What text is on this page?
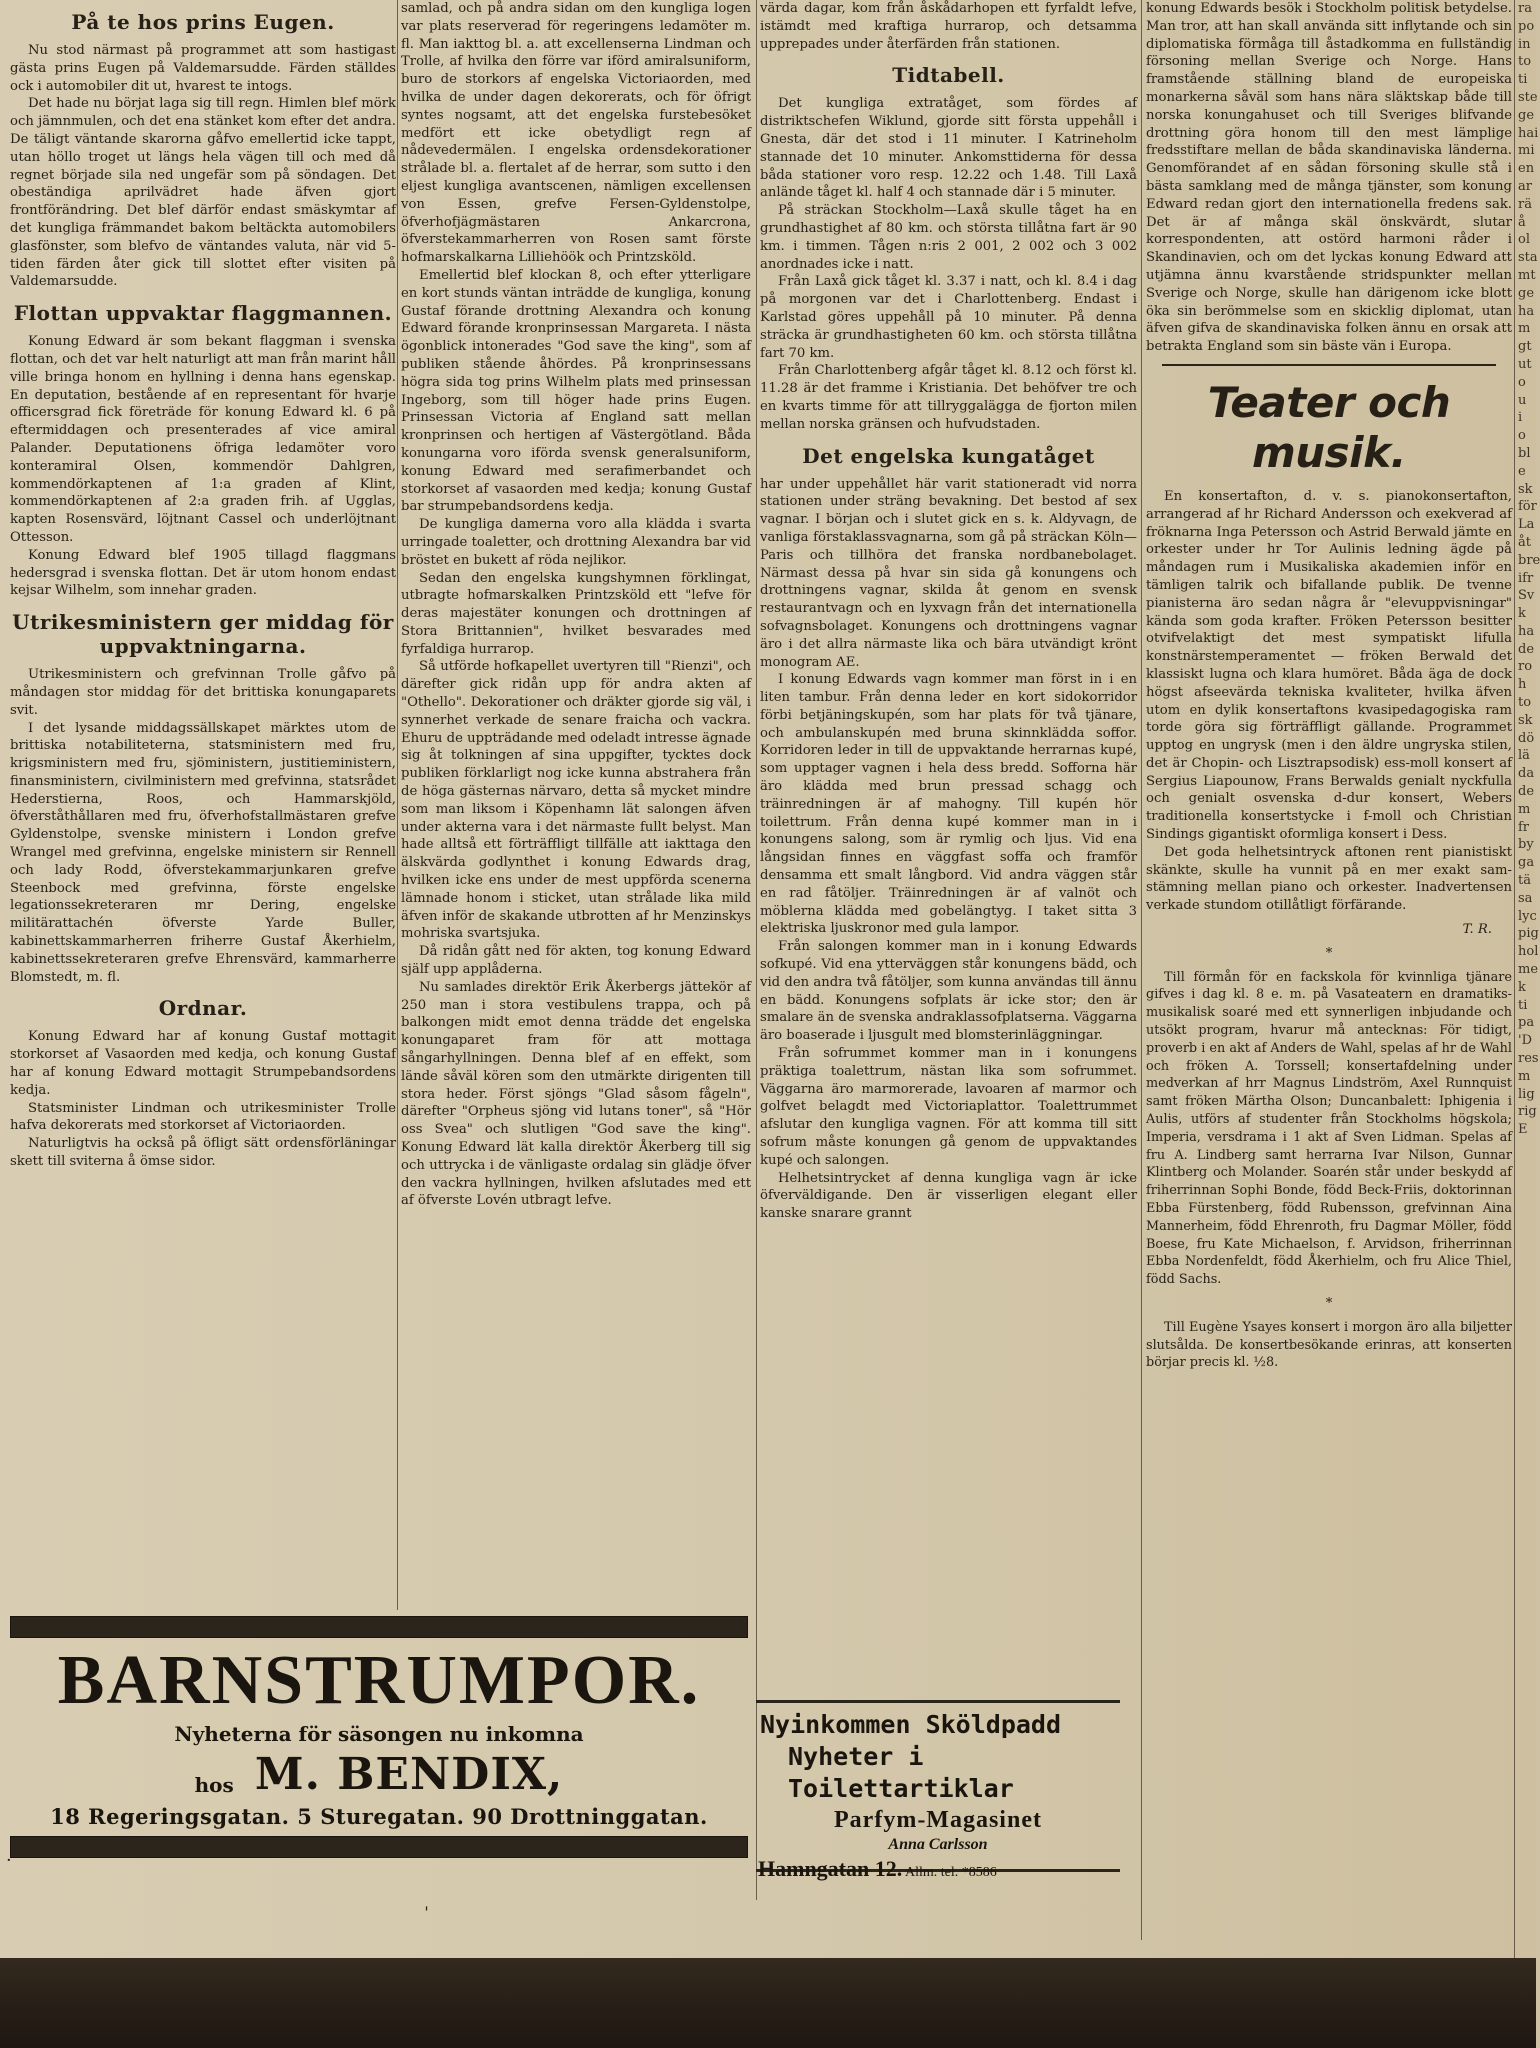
På te hos prins Eugen.

Nu stod närmast på programmet att som hastigast gästa prins Eugen på Valdemarsudde. Färden ställdes ock i automobiler dit ut, hvarest te intogs.

Det hade nu börjat laga sig till regn. Himlen blef mörk och jämnmulen, och det ena stänket kom efter det andra. De täligt väntande skarorna gåfvo emellertid icke tappt, utan höllo troget ut längs hela vägen till och med då regnet började sila ned ungefär som på söndagen. Det obeständiga aprilvädret hade äfven gjort frontförändring. Det blef därför endast smäskymtar af det kungliga främmandet bakom beltäckta automobilers glasfönster, som blefvo de väntandes valuta, när vid 5-tiden färden åter gick till slottet efter visiten på Valdemarsudde.

Flottan uppvaktar flaggmannen.

Konung Edward är som bekant flaggman i svenska flottan, och det var helt naturligt att man från marint håll ville bringa honom en hyllning i denna hans egenskap. En deputation, bestående af en representant för hvarje officersgrad fick företräde för konung Edward kl. 6 på eftermiddagen och presenterades af vice amiral Palander. Deputationens öfriga ledamöter voro konteramiral Olsen, kommendör Dahlgren, kommendörkaptenen af 1:a graden af Klint, kommendörkaptenen af 2:a graden frih. af Ugglas, kapten Rosensvärd, löjtnant Cassel och underlöjtnant Ottesson.

Konung Edward blef 1905 tillagd flaggmans hedersgrad i svenska flottan. Det är utom honom endast kejsar Wilhelm, som innehar graden.

Utrikesministern ger middag för uppvaktningarna.

Utrikesministern och grefvinnan Trolle gåfvo på måndagen stor middag för det brittiska konungaparets svit.

I det lysande middagssällskapet märktes utom de brittiska notabiliteterna, statsministern med fru, krigsministern med fru, sjöministern, justitieministern, finansministern, civilministern med grefvinna, statsrådet Hederstierna, Roos, och Hammarskjöld, öfverståthållaren med fru, öfverhofstallmästaren grefve Gyldenstolpe, svenske ministern i London grefve Wrangel med grefvinna, engelske ministern sir Rennell och lady Rodd, öfverstekammarjunkaren grefve Steenbock med grefvinna, förste engelske legationssekreteraren mr Dering, engelske militärattachén öfverste Yarde Buller, kabinettskammarherren friherre Gustaf Åkerhielm, kabinettssekreteraren grefve Ehrensvärd, kammarherre Blomstedt, m. fl.

Ordnar.

Konung Edward har af konung Gustaf mottagit storkorset af Vasaorden med kedja, och konung Gustaf har af konung Edward mottagit Strumpebandsordens kedja.

Statsminister Lindman och utrikesminister Trolle hafva dekorerats med storkorset af Victoriaorden.

Naturligtvis ha också på öfligt sätt ordensförläningar skett till sviterna å ömse sidor.

samlad, och på andra sidan om den kungliga logen var plats reserverad för regeringens ledamöter m. fl. Man iakttog bl. a. att excellenserna Lindman och Trolle, af hvilka den förre var iförd amiralsuniform, buro de storkors af engelska Victoriaorden, med hvilka de under dagen dekorerats, och för öfrigt syntes nogsamt, att det engelska furstebesöket medfört ett icke obetydligt regn af nådevedermälen. I engelska ordensdekorationer strålade bl. a. flertalet af de herrar, som sutto i den eljest kungliga avantscenen, nämligen excellensen von Essen, grefve Fersen-Gyldenstolpe, öfverhofjägmästaren Ankarcrona, öfverstekammarherren von Rosen samt förste hofmarskalkarna Lilliehöök och Printzsköld.

Emellertid blef klockan 8, och efter ytterligare en kort stunds väntan inträdde de kungliga, konung Gustaf förande drottning Alexandra och konung Edward förande kronprinsessan Margareta. I nästa ögonblick intonerades "God save the king", som af publiken stående åhördes. På kronprinsessans högra sida tog prins Wilhelm plats med prinsessan Ingeborg, som till höger hade prins Eugen. Prinsessan Victoria af England satt mellan kronprinsen och hertigen af Västergötland. Båda konungarna voro iförda svensk generalsuniform, konung Edward med serafimerbandet och storkorset af vasaorden med kedja; konung Gustaf bar strumpebandsordens kedja.

De kungliga damerna voro alla klädda i svarta urringade toaletter, och drottning Alexandra bar vid bröstet en bukett af röda nejlikor.

Sedan den engelska kungshymnen förklingat, utbragte hofmarskalken Printzsköld ett "lefve för deras majestäter konungen och drottningen af Stora Brittannien", hvilket besvarades med fyrfaldiga hurrarop.

Så utförde hofkapellet uvertyren till "Rienzi", och därefter gick ridån upp för andra akten af "Othello". Dekorationer och dräkter gjorde sig väl, i synnerhet verkade de senare fraicha och vackra. Ehuru de uppträdande med odeladt intresse ägnade sig åt tolkningen af sina uppgifter, tycktes dock publiken förklarligt nog icke kunna abstrahera från de höga gästernas närvaro, detta så mycket mindre som man liksom i Köpenhamn lät salongen äfven under akterna vara i det närmaste fullt belyst. Man hade alltså ett förträffligt tillfälle att iakttaga den älskvärda godlynthet i konung Edwards drag, hvilken icke ens under de mest uppförda scenerna lämnade honom i sticket, utan strålade lika mild äfven inför de skakande utbrotten af hr Menzinskys mohriska svartsjuka.

Då ridån gått ned för akten, tog konung Edward själf upp applåderna.

Nu samlades direktör Erik Åkerbergs jättekör af 250 man i stora vestibulens trappa, och på balkongen midt emot denna trädde det engelska konungaparet fram för att mottaga sångarhyllningen. Denna blef af en effekt, som lände såväl kören som den utmärkte dirigenten till stora heder. Först sjöngs "Glad såsom fågeln", därefter "Orpheus sjöng vid lutans toner", så "Hör oss Svea" och slutligen "God save the king". Konung Edward lät kalla direktör Åkerberg till sig och uttrycka i de vänligaste ordalag sin glädje öfver den vackra hyllningen, hvilken afslutades med ett af öfverste Lovén utbragt lefve.

värda dagar, kom från åskådarhopen ett fyrfaldt lefve, istämdt med kraftiga hurrarop, och detsamma upprepades under återfärden från stationen.

Tidtabell.

Det kungliga extratåget, som fördes af distriktschefen Wiklund, gjorde sitt första uppehåll i Gnesta, där det stod i 11 minuter. I Katrineholm stannade det 10 minuter. Ankomsttiderna för dessa båda stationer voro resp. 12.22 och 1.48. Till Laxå anlände tåget kl. half 4 och stannade där i 5 minuter.

På sträckan Stockholm—Laxå skulle tåget ha en grundhastighet af 80 km. och största tillåtna fart är 90 km. i timmen. Tågen n:ris 2 001, 2 002 och 3 002 anordnades icke i natt.

Från Laxå gick tåget kl. 3.37 i natt, och kl. 8.4 i dag på morgonen var det i Charlottenberg. Endast i Karlstad göres uppehåll på 10 minuter. På denna sträcka är grundhastigheten 60 km. och största tillåtna fart 70 km.

Från Charlottenberg afgår tåget kl. 8.12 och först kl. 11.28 är det framme i Kristiania. Det behöfver tre och en kvarts timme för att tillryggalägga de fjorton milen mellan norska gränsen och hufvudstaden.

Det engelska kungatåget

har under uppehållet här varit stationeradt vid norra stationen under sträng bevakning. Det bestod af sex vagnar. I början och i slutet gick en s. k. Aldyvagn, de vanliga förstaklassvagnarna, som gå på sträckan Köln—Paris och tillhöra det franska nordbanebolaget. Närmast dessa på hvar sin sida gå konungens och drottningens vagnar, skilda åt genom en svensk restaurantvagn och en lyxvagn från det internationella sofvagnsbolaget. Konungens och drottningens vagnar äro i det allra närmaste lika och bära utvändigt krönt monogram AE.

I konung Edwards vagn kommer man först in i en liten tambur. Från denna leder en kort sidokorridor förbi betjäningskupén, som har plats för två tjänare, och ambulanskupén med bruna skinnklädda soffor. Korridoren leder in till de uppvaktande herrarnas kupé, som upptager vagnen i hela dess bredd. Sofforna här äro klädda med brun pressad schagg och träinredningen är af mahogny. Till kupén hör toilettrum. Från denna kupé kommer man in i konungens salong, som är rymlig och ljus. Vid ena långsidan finnes en väggfast soffa och framför densamma ett smalt långbord. Vid andra väggen står en rad fåtöljer. Träinredningen är af valnöt och möblerna klädda med gobelängtyg. I taket sitta 3 elektriska ljuskronor med gula lampor.

Från salongen kommer man in i konung Edwards sofkupé. Vid ena ytterväggen står konungens bädd, och vid den andra två fåtöljer, som kunna användas till ännu en bädd. Konungens sofplats är icke stor; den är smalare än de svenska andraklassofplatserna. Väggarna äro boaserade i ljusgult med blomsterinläggningar.

Från sofrummet kommer man in i konungens präktiga toalettrum, nästan lika som sofrummet. Väggarna äro marmorerade, lavoaren af marmor och golfvet belagdt med Victoriaplattor. Toalettrummet afslutar den kungliga vagnen. För att komma till sitt sofrum måste konungen gå genom de uppvaktandes kupé och salongen.

Helhetsintrycket af denna kungliga vagn är icke öfverväldigande. Den är visserligen elegant eller kanske snarare grannt

konung Edwards besök i Stockholm politisk betydelse. Man tror, att han skall använda sitt inflytande och sin diplomatiska förmåga till åstadkomma en fullständig försoning mellan Sverige och Norge. Hans framstående ställning bland de europeiska monarkerna såväl som hans nära släktskap både till norska konungahuset och till Sveriges blifvande drottning göra honom till den mest lämplige fredsstiftare mellan de båda skandinaviska länderna. Genomförandet af en sådan försoning skulle stå i bästa samklang med de många tjänster, som konung Edward redan gjort den internationella fredens sak. Det är af många skäl önskvärdt, slutar korrespondenten, att ostörd harmoni råder i Skandinavien, och om det lyckas konung Edward att utjämna ännu kvarstående stridspunkter mellan Sverige och Norge, skulle han därigenom icke blott öka sin berömmelse som en skicklig diplomat, utan äfven gifva de skandinaviska folken ännu en orsak att betrakta England som sin bäste vän i Europa.

Teater och musik.

En konsertafton, d. v. s. pianokonsertafton, arrangerad af hr Richard Andersson och exekverad af fröknarna Inga Petersson och Astrid Berwald jämte en orkester under hr Tor Aulinis ledning ägde på måndagen rum i Musikaliska akademien inför en tämligen talrik och bifallande publik. De tvenne pianisterna äro sedan några år "elevuppvisningar" kända som goda krafter. Fröken Petersson besitter otvifvelaktigt det mest sympatiskt lifulla konstnärstemperamentet — fröken Berwald det klassiskt lugna och klara humöret. Båda äga de dock högst afseevärda tekniska kvaliteter, hvilka äfven utom en dylik konsertaftons kvasipedagogiska ram torde göra sig förträffligt gällande. Programmet upptog en ungrysk (men i den äldre ungryska stilen, det är Chopin- och Lisztrapsodisk) ess-moll konsert af Sergius Liapounow, Frans Berwalds genialt nyckfulla och genialt osvenska d-dur konsert, Webers traditionella konsertstycke i f-moll och Christian Sindings gigantiskt oformliga konsert i Dess.

Det goda helhetsintryck aftonen rent pianistiskt skänkte, skulle ha vunnit på en mer exakt sam-stämning mellan piano och orkester. Inadvertensen verkade stundom otillåtligt förfärande.

T. R.
*

Till förmån för en fackskola för kvinnliga tjänare gifves i dag kl. 8 e. m. på Vasateatern en dramatiks-musikalisk soaré med ett synnerligen inbjudande och utsökt program, hvarur må antecknas: För tidigt, proverb i en akt af Anders de Wahl, spelas af hr de Wahl och fröken A. Torssell; konsertafdelning under medverkan af hrr Magnus Lindström, Axel Runnquist samt fröken Märtha Olson; Duncanbalett: Iphigenia i Aulis, utförs af studenter från Stockholms högskola; Imperia, versdrama i 1 akt af Sven Lidman. Spelas af fru A. Lindberg samt herrarna Ivar Nilson, Gunnar Klintberg och Molander. Soarén står under beskydd af friherrinnan Sophi Bonde, född Beck-Friis, doktorinnan Ebba Fürstenberg, född Rubensson, grefvinnan Aina Mannerheim, född Ehrenroth, fru Dagmar Möller, född Boese, fru Kate Michaelson, f. Arvidson, friherrinnan Ebba Nordenfeldt, född Åkerhielm, och fru Alice Thiel, född Sachs.

*

Till Eugène Ysayes konsert i morgon äro alla biljetter slutsålda. De konsertbesökande erinras, att konserten börjar precis kl. ½8.

ra
po
in
to
ti
ste
ge
hai
mi
en
ar
rä
å
ol
sta
mt
ge
ha
m
gt
ut
o
u
i
o
bl
e
sk
för
La
åt
bre
ifr
Sv
k
ha
de
ro
h
to
sk
dö
lä
da
de
m
fr
by
ga
tä
sa
lyc
pig
hol
me
k
ti
pa
'D
res
m
lig
rig
E

BARNSTRUMPOR.
Nyheterna för säsongen nu inkomna
hos M. BENDIX,
18 Regeringsgatan. 5 Sturegatan. 90 Drottninggatan.
Nyinkommen Sköldpadd
Nyheter i Toilettartiklar
Parfym-Magasinet
Anna Carlsson
Hamngatan 12. Allm. tel. *8586
·
ˈ
